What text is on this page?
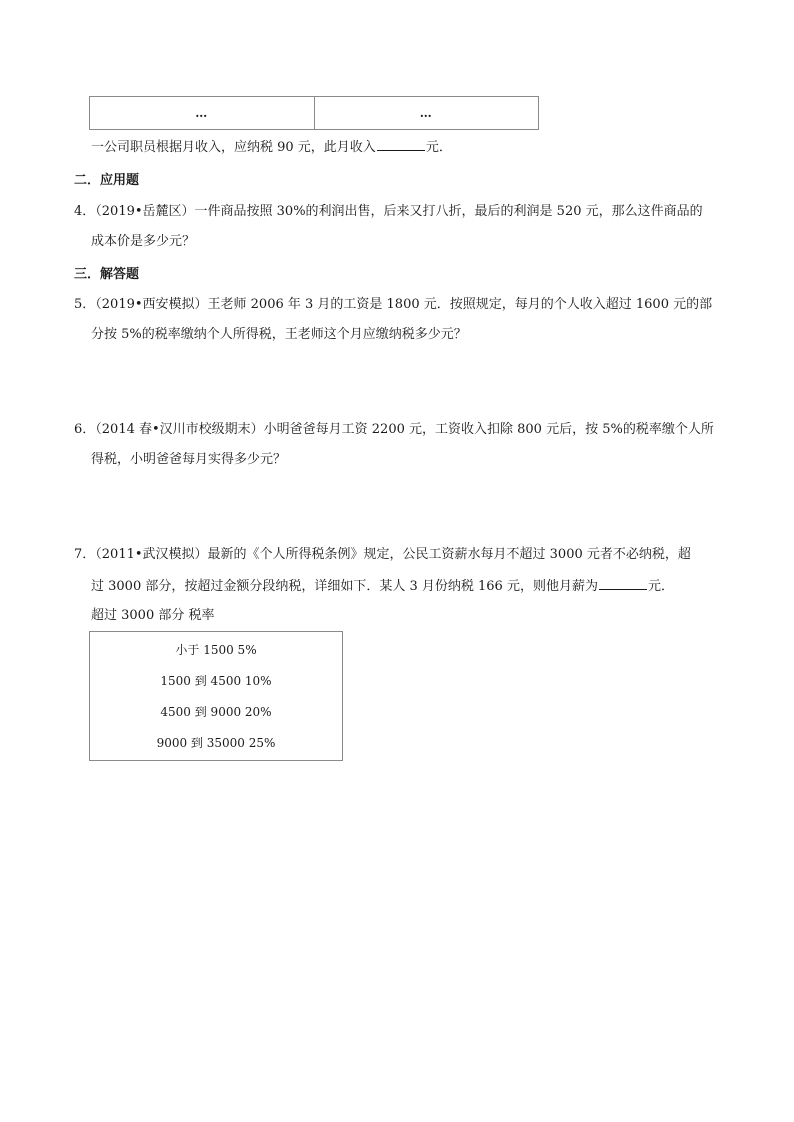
…	…
一公司职员根据月收入，应纳税 90 元，此月收入	元．
二．应用题
4．（2019•岳麓区）一件商品按照 30%的利润出售，后来又打八折，最后的利润是 520 元，那么这件商品的
成本价是多少元？
三．解答题
5．（2019•西安模拟）王老师 2006 年 3 月的工资是 1800 元．按照规定，每月的个人收入超过 1600 元的部
分按 5%的税率缴纳个人所得税，王老师这个月应缴纳税多少元？
6．（2014 春•汉川市校级期末）小明爸爸每月工资 2200 元，工资收入扣除 800 元后，按 5%的税率缴个人所
得税，小明爸爸每月实得多少元？
7．（2011•武汉模拟）最新的《个人所得税条例》规定，公民工资薪水每月不超过 3000 元者不必纳税，超
过 3000 部分，按超过金额分段纳税，详细如下．某人 3 月份纳税 166 元，则他月薪为	元．
超过 3000 部分 税率
小于 1500 5%
1500 到 4500 10%
4500 到 9000 20%
9000 到 35000 25%
